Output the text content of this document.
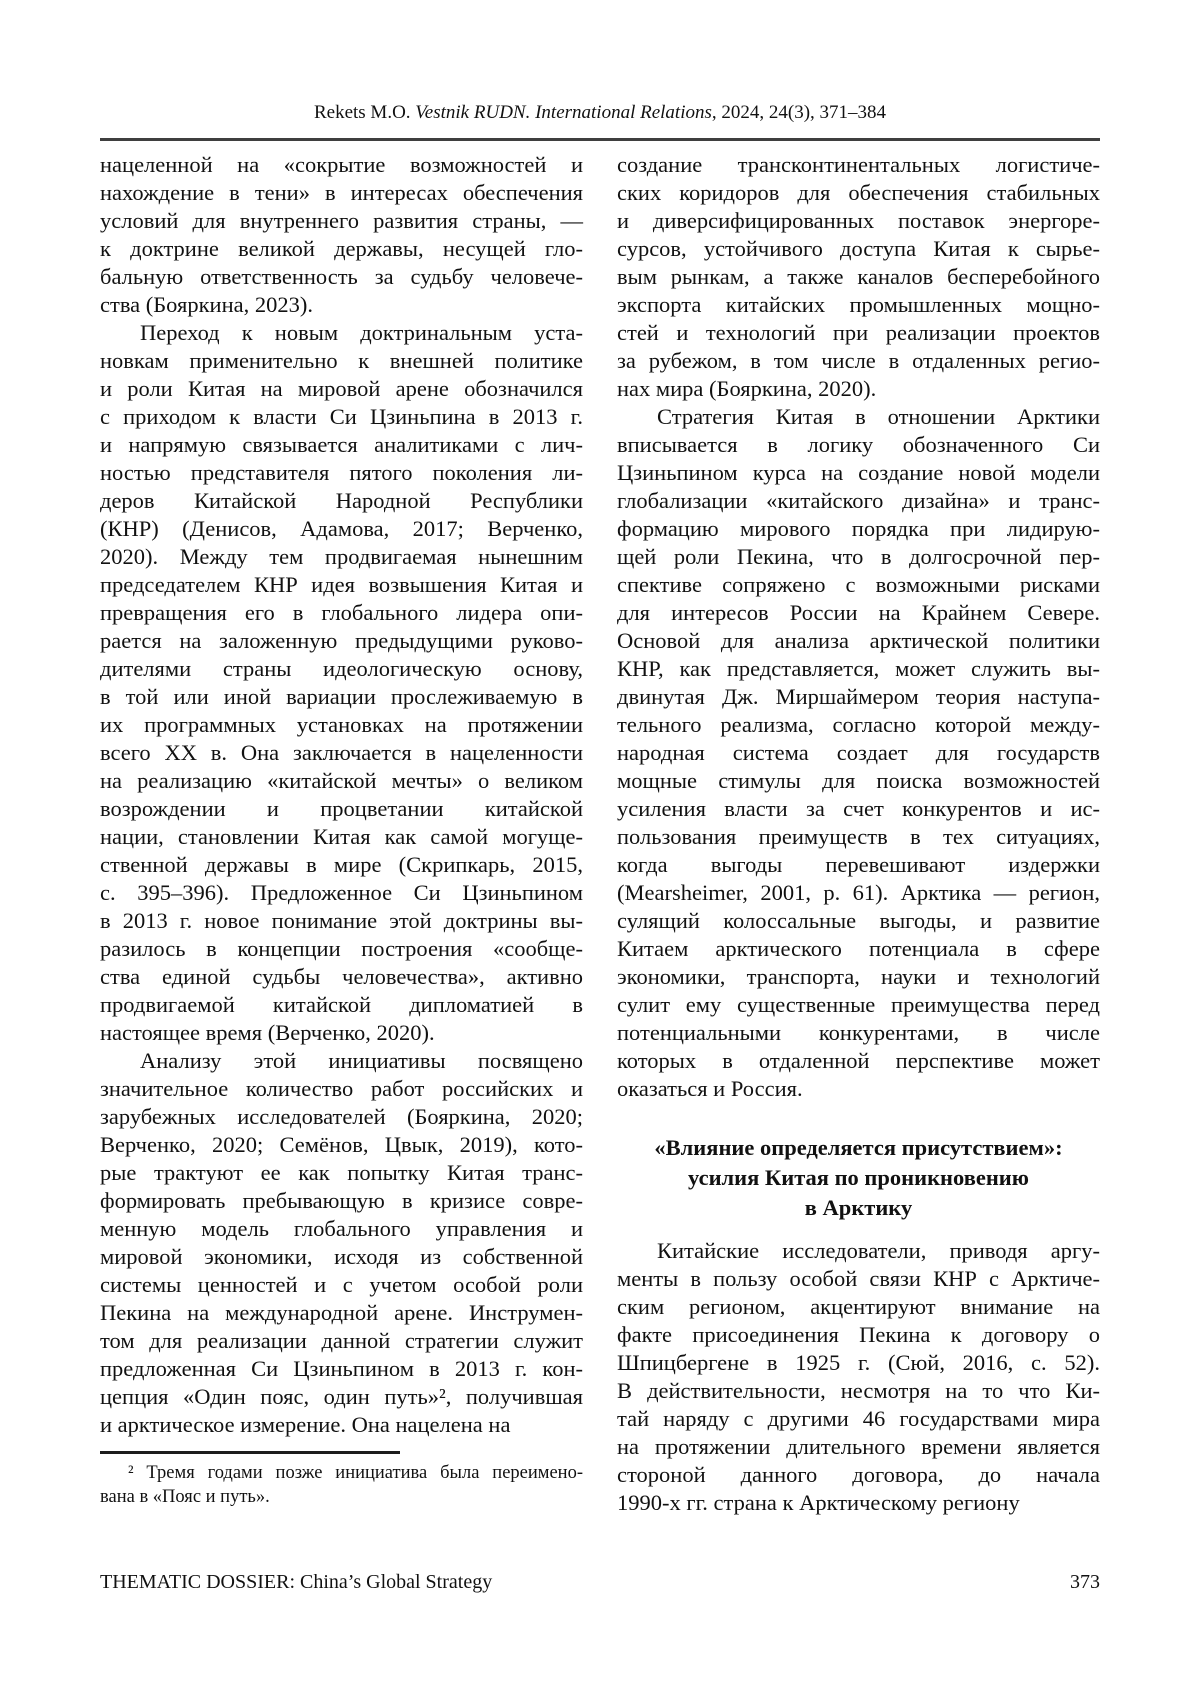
Rekets M.O. Vestnik RUDN. International Relations, 2024, 24(3), 371–384
нацеленной на «сокрытие возможностей и
нахождение в тени» в интересах обеспечения
условий для внутреннего развития страны, —
к доктрине великой державы, несущей гло-
бальную ответственность за судьбу человече-
ства (Бояркина, 2023).
Переход к новым доктринальным уста-
новкам применительно к внешней политике
и роли Китая на мировой арене обозначился
с приходом к власти Си Цзиньпина в 2013 г.
и напрямую связывается аналитиками с лич-
ностью представителя пятого поколения ли-
деров Китайской Народной Республики
(КНР) (Денисов, Адамова, 2017; Верченко,
2020). Между тем продвигаемая нынешним
председателем КНР идея возвышения Китая и
превращения его в глобального лидера опи-
рается на заложенную предыдущими руково-
дителями страны идеологическую основу,
в той или иной вариации прослеживаемую в
их программных установках на протяжении
всего XX в. Она заключается в нацеленности
на реализацию «китайской мечты» о великом
возрождении и процветании китайской
нации, становлении Китая как самой могуще-
ственной державы в мире (Скрипкарь, 2015,
с. 395–396). Предложенное Си Цзиньпином
в 2013 г. новое понимание этой доктрины вы-
разилось в концепции построения «сообще-
ства единой судьбы человечества», активно
продвигаемой китайской дипломатией в
настоящее время (Верченко, 2020).
Анализу этой инициативы посвящено
значительное количество работ российских и
зарубежных исследователей (Бояркина, 2020;
Верченко, 2020; Семёнов, Цвык, 2019), кото-
рые трактуют ее как попытку Китая транс-
формировать пребывающую в кризисе совре-
менную модель глобального управления и
мировой экономики, исходя из собственной
системы ценностей и с учетом особой роли
Пекина на международной арене. Инструмен-
том для реализации данной стратегии служит
предложенная Си Цзиньпином в 2013 г. кон-
цепция «Один пояс, один путь»², получившая
и арктическое измерение. Она нацелена на
² Тремя годами позже инициатива была переимено-
вана в «Пояс и путь».
создание трансконтинентальных логистиче-
ских коридоров для обеспечения стабильных
и диверсифицированных поставок энергоре-
сурсов, устойчивого доступа Китая к сырье-
вым рынкам, а также каналов бесперебойного
экспорта китайских промышленных мощно-
стей и технологий при реализации проектов
за рубежом, в том числе в отдаленных регио-
нах мира (Бояркина, 2020).
Стратегия Китая в отношении Арктики
вписывается в логику обозначенного Си
Цзиньпином курса на создание новой модели
глобализации «китайского дизайна» и транс-
формацию мирового порядка при лидирую-
щей роли Пекина, что в долгосрочной пер-
спективе сопряжено с возможными рисками
для интересов России на Крайнем Севере.
Основой для анализа арктической политики
КНР, как представляется, может служить вы-
двинутая Дж. Миршаймером теория наступа-
тельного реализма, согласно которой между-
народная система создает для государств
мощные стимулы для поиска возможностей
усиления власти за счет конкурентов и ис-
пользования преимуществ в тех ситуациях,
когда выгоды перевешивают издержки
(Mearsheimer, 2001, p. 61). Арктика — регион,
сулящий колоссальные выгоды, и развитие
Китаем арктического потенциала в сфере
экономики, транспорта, науки и технологий
сулит ему существенные преимущества перед
потенциальными конкурентами, в числе
которых в отдаленной перспективе может
оказаться и Россия.
«Влияние определяется присутствием»:
усилия Китая по проникновению
в Арктику
Китайские исследователи, приводя аргу-
менты в пользу особой связи КНР с Арктиче-
ским регионом, акцентируют внимание на
факте присоединения Пекина к договору о
Шпицбергене в 1925 г. (Сюй, 2016, с. 52).
В действительности, несмотря на то что Ки-
тай наряду с другими 46 государствами мира
на протяжении длительного времени является
стороной данного договора, до начала
1990-х гг. страна к Арктическому региону
THEMATIC DOSSIER: China’s Global Strategy	373
